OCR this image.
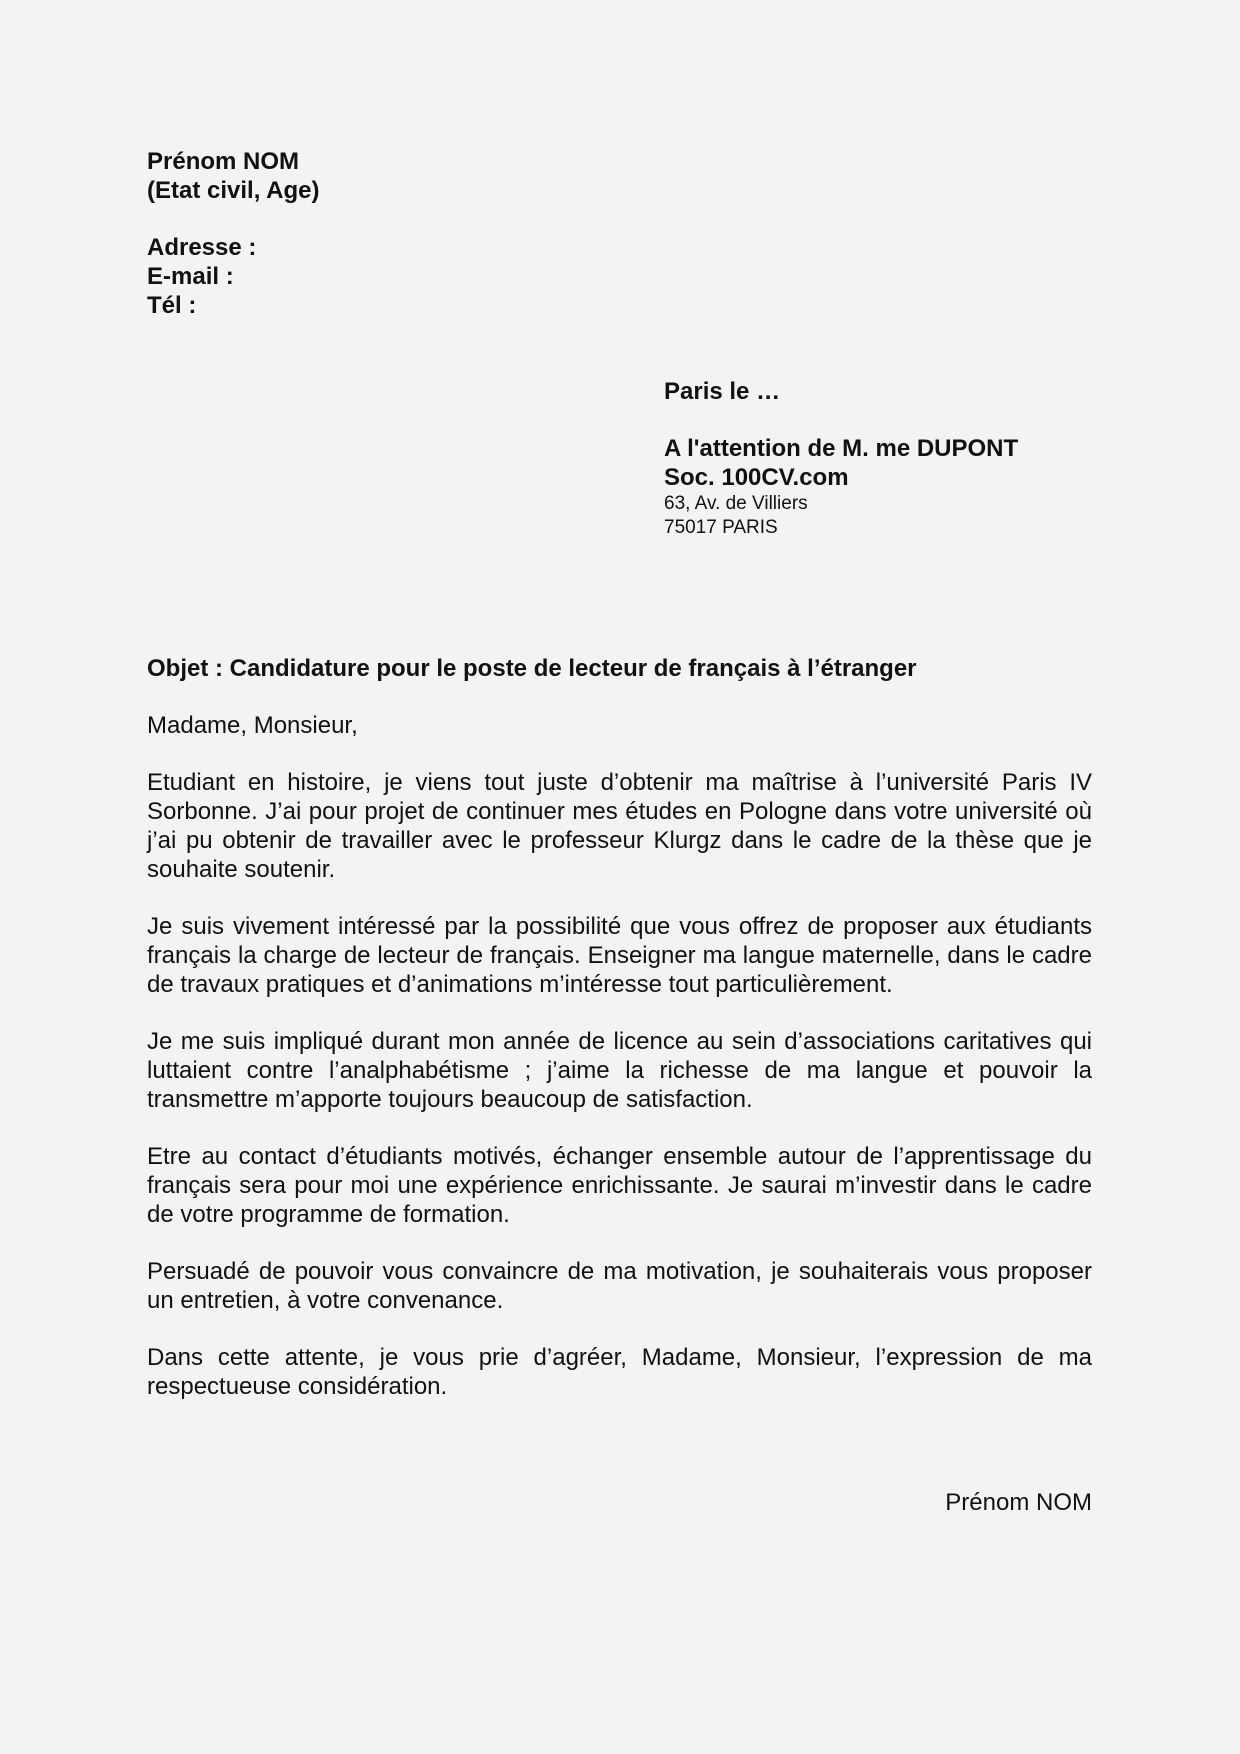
Prénom NOM
(Etat civil, Age)
Adresse :
E-mail :
Tél :
Paris le …
A l'attention de M. me DUPONT
Soc. 100CV.com
63, Av. de Villiers
75017 PARIS

Objet : Candidature pour le poste de lecteur de français à l’étranger

Madame, Monsieur,

Etudiant en histoire, je viens tout juste d’obtenir ma maîtrise à l’université Paris IV Sorbonne. J’ai pour projet de continuer mes études en Pologne dans votre université où j’ai pu obtenir de travailler avec le professeur Klurgz dans le cadre de la thèse que je souhaite soutenir.

Je suis vivement intéressé par la possibilité que vous offrez de proposer aux étudiants français la charge de lecteur de français. Enseigner ma langue maternelle, dans le cadre de travaux pratiques et d’animations m’intéresse tout particulièrement.

Je me suis impliqué durant mon année de licence au sein d’associations caritatives qui luttaient contre l’analphabétisme ; j’aime la richesse de ma langue et pouvoir la transmettre m’apporte toujours beaucoup de satisfaction.

Etre au contact d’étudiants motivés, échanger ensemble autour de l’apprentissage du français sera pour moi une expérience enrichissante. Je saurai m’investir dans le cadre de votre programme de formation.

Persuadé de pouvoir vous convaincre de ma motivation, je souhaiterais vous proposer un entretien, à votre convenance.

Dans cette attente, je vous prie d’agréer, Madame, Monsieur, l’expression de ma respectueuse considération.

Prénom NOM
